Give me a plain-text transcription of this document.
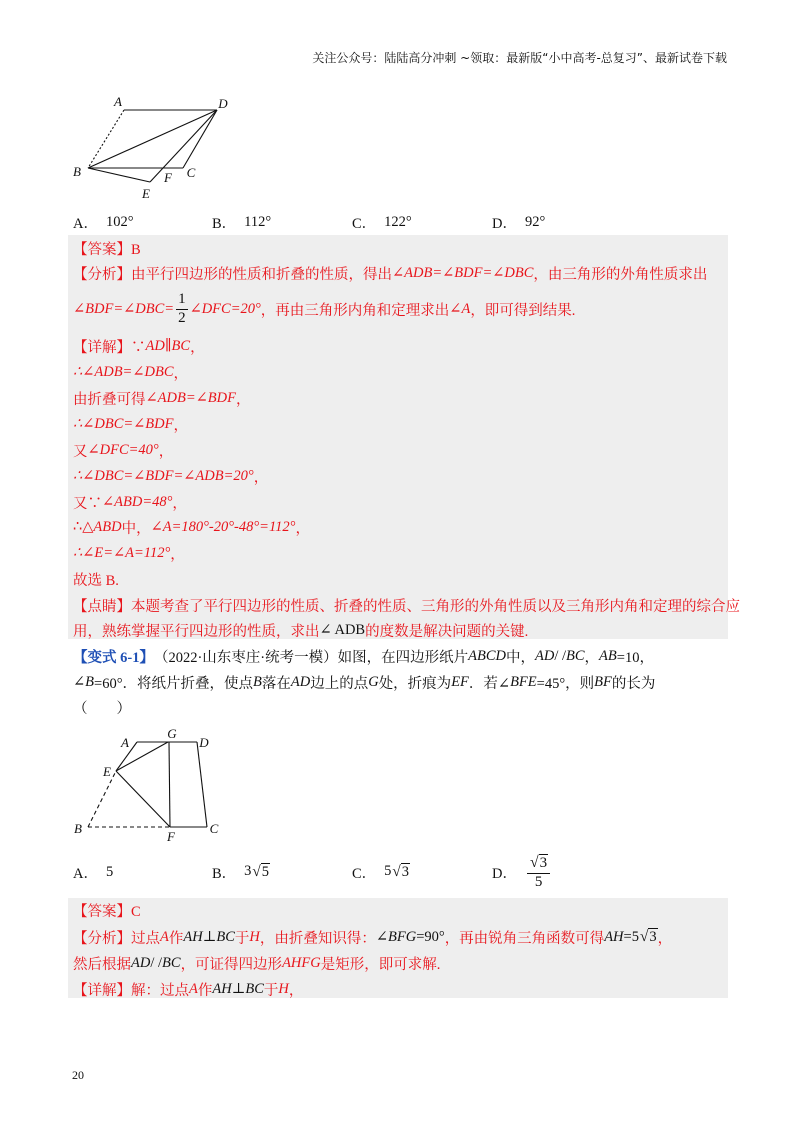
关注公众号：陆陆高分冲刺 ~领取：最新版“小中高考-总复习”、最新试卷下载
A	D
B
E
F C
A． 102°	B． 112°	C． 122°	D． 92°
【答案】B
【分析】由平行四边形的性质和折叠的性质，得出 ∠ADB=∠BDF=∠DBC ，由三角形的外角性质求出
∠BDF=∠DBC= $\frac{1}{2}$ ∠DFC=20° ，再由三角形内角和定理求出 ∠A ，即可得到结果.
【详解】∵ AD∥BC ，
∴∠ADB=∠DBC ，
由折叠可得 ∠ADB=∠BDF ，
∴∠DBC=∠BDF ，
又 ∠DFC=40° ，
∴∠DBC=∠BDF=∠ADB=20° ，
又∵ ∠ABD=48° ，
∴△ ABD 中， ∠A=180°-20°-48°=112° ，
∴∠E=∠A=112° ，
故选 B.
【点睛】本题考查了平行四边形的性质、折叠的性质、三角形的外角性质以及三角形内角和定理的综合应
用，熟练掌握平行四边形的性质，求出 ∠ ADB 的度数是解决问题的关键.
【变式 6-1】 （2022·山东枣庄·统考一模）如图，在四边形纸片 ABCD 中， AD / / BC ， AB =10，
∠ B =60°．将纸片折叠，使点 B 落在 AD 边上的点 G 处，折痕为 EF ．若∠ BFE =45°，则 BF 的长为
（　　）
A
G
D
E
B
F
C
A． 5	B． 3 √ 5	C． 5 √ 3	D． √ $\frac{3}{5}$
【答案】C
【分析】过点 A 作 AH ⊥ BC 于 H ，由折叠知识得： ∠ BFG =90° ，再由锐角三角函数可得 AH =5 √ 3 ，
然后根据 AD / / BC ，可证得四边形 AHFG 是矩形，即可求解.
【详解】解：过点 A 作 AH ⊥ BC 于 H ，
20
